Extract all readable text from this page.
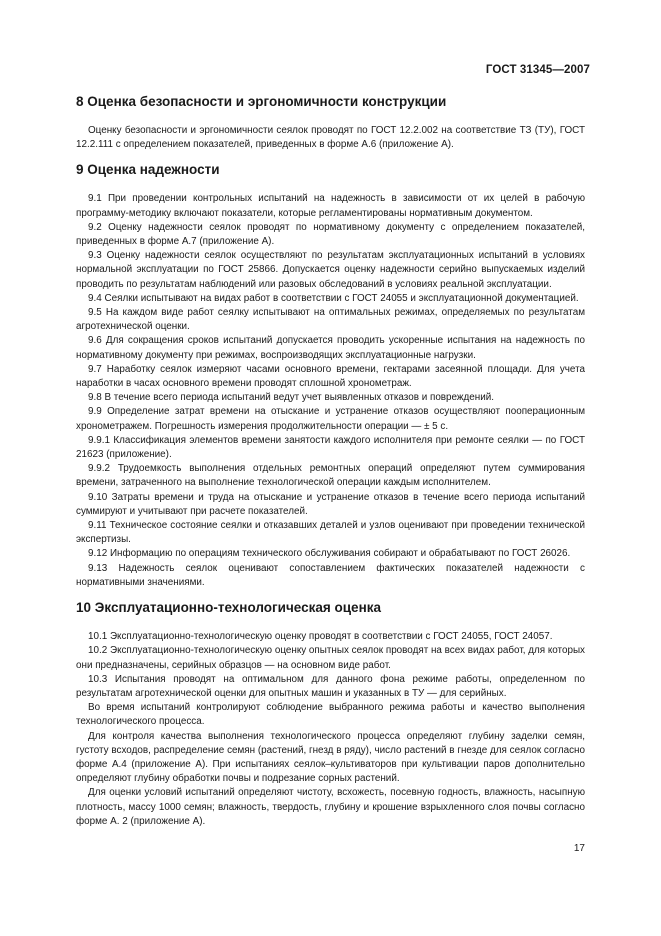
ГОСТ 31345—2007
8 Оценка безопасности и эргономичности конструкции

Оценку безопасности и эргономичности сеялок проводят по ГОСТ 12.2.002 на соответствие ТЗ (ТУ), ГОСТ 12.2.111 с определением показателей, приведенных в форме А.6 (приложение А).

9 Оценка надежности

9.1 При проведении контрольных испытаний на надежность в зависимости от их целей в рабочую программу-методику включают показатели, которые регламентированы нормативным документом.

9.2 Оценку надежности сеялок проводят по нормативному документу с определением показателей, приведенных в форме А.7 (приложение А).

9.3 Оценку надежности сеялок осуществляют по результатам эксплуатационных испытаний в условиях нормальной эксплуатации по ГОСТ 25866. Допускается оценку надежности серийно выпускаемых изделий проводить по результатам наблюдений или разовых обследований в условиях реальной эксплуатации.

9.4 Сеялки испытывают на видах работ в соответствии с ГОСТ 24055 и эксплуатационной документацией.

9.5 На каждом виде работ сеялку испытывают на оптимальных режимах, определяемых по результатам агротехнической оценки.

9.6 Для сокращения сроков испытаний допускается проводить ускоренные испытания на надежность по нормативному документу при режимах, воспроизводящих эксплуатационные нагрузки.

9.7 Наработку сеялок измеряют часами основного времени, гектарами засеянной площади. Для учета наработки в часах основного времени проводят сплошной хронометраж.

9.8 В течение всего периода испытаний ведут учет выявленных отказов и повреждений.

9.9 Определение затрат времени на отыскание и устранение отказов осуществляют пооперационным хронометражем. Погрешность измерения продолжительности операции — ± 5 с.

9.9.1 Классификация элементов времени занятости каждого исполнителя при ремонте сеялки — по ГОСТ 21623 (приложение).

9.9.2 Трудоемкость выполнения отдельных ремонтных операций определяют путем суммирования времени, затраченного на выполнение технологической операции каждым исполнителем.

9.10 Затраты времени и труда на отыскание и устранение отказов в течение всего периода испытаний суммируют и учитывают при расчете показателей.

9.11 Техническое состояние сеялки и отказавших деталей и узлов оценивают при проведении технической экспертизы.

9.12 Информацию по операциям технического обслуживания собирают и обрабатывают по ГОСТ 26026.

9.13 Надежность сеялок оценивают сопоставлением фактических показателей надежности с нормативными значениями.

10 Эксплуатационно-технологическая оценка

10.1 Эксплуатационно-технологическую оценку проводят в соответствии с ГОСТ 24055, ГОСТ 24057.

10.2 Эксплуатационно-технологическую оценку опытных сеялок проводят на всех видах работ, для которых они предназначены, серийных образцов — на основном виде работ.

10.3 Испытания проводят на оптимальном для данного фона режиме работы, определенном по результатам агротехнической оценки для опытных машин и указанных в ТУ — для серийных.

Во время испытаний контролируют соблюдение выбранного режима работы и качество выполнения технологического процесса.

Для контроля качества выполнения технологического процесса определяют глубину заделки семян, густоту всходов, распределение семян (растений, гнезд в ряду), число растений в гнезде для сеялок согласно форме А.4 (приложение А). При испытаниях сеялок–культиваторов при культивации паров дополнительно определяют глубину обработки почвы и подрезание сорных растений.

Для оценки условий испытаний определяют чистоту, всхожесть, посевную годность, влажность, насыпную плотность, массу 1000 семян; влажность, твердость, глубину и крошение взрыхленного слоя почвы согласно форме А. 2 (приложение А).

17
